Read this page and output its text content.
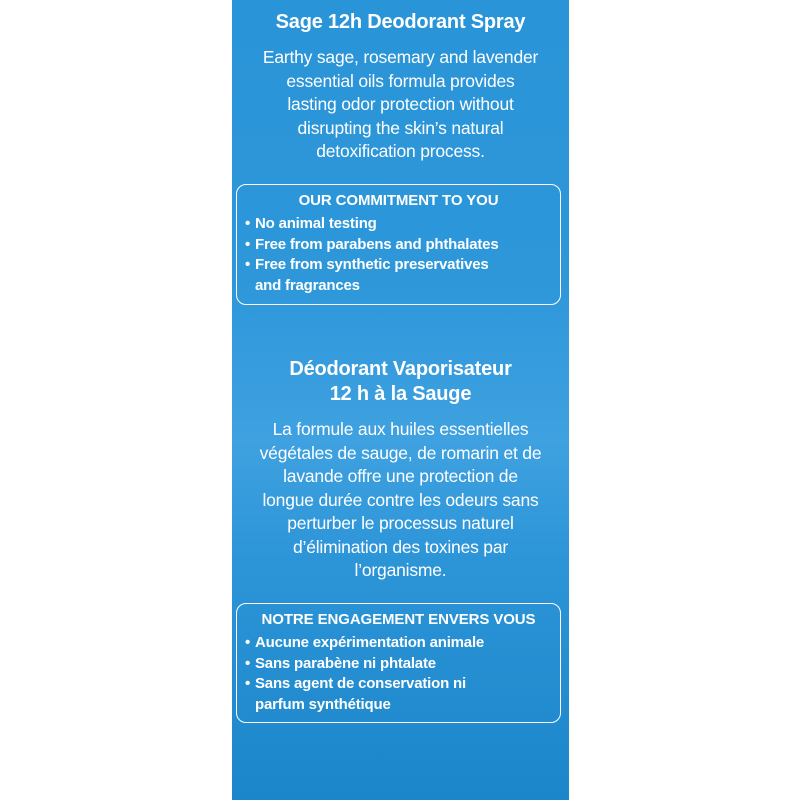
Sage 12h Deodorant Spray
Earthy sage, rosemary and lavender
essential oils formula provides
lasting odor protection without
disrupting the skin’s natural
detoxification process.
OUR COMMITMENT TO YOU
• No animal testing
• Free from parabens and phthalates
• Free from synthetic preservatives and fragrances
Déodorant Vaporisateur
12 h à la Sauge
La formule aux huiles essentielles
végétales de sauge, de romarin et de
lavande offre une protection de
longue durée contre les odeurs sans
perturber le processus naturel
d’élimination des toxines par
l’organisme.
NOTRE ENGAGEMENT ENVERS VOUS
• Aucune expérimentation animale
• Sans parabène ni phtalate
• Sans agent de conservation ni parfum synthétique
